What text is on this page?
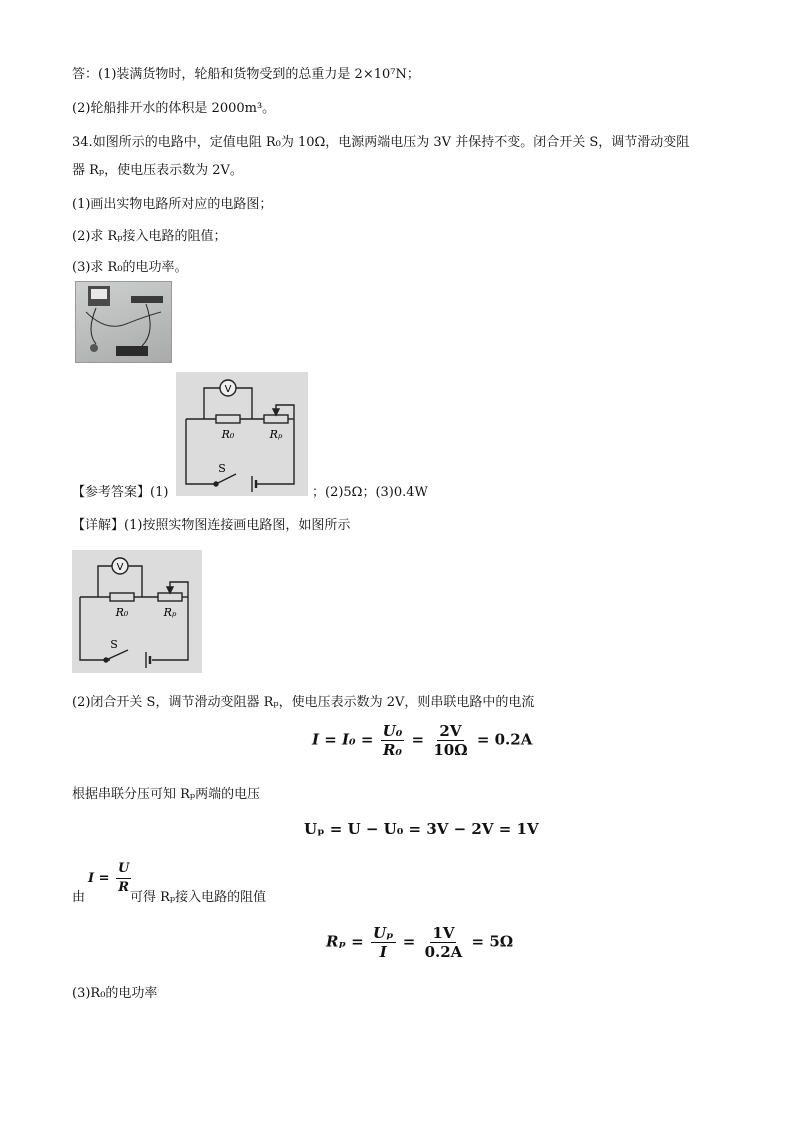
答：(1)装满货物时，轮船和货物受到的总重力是 2×10⁷N；
(2)轮船排开水的体积是 2000m³。
34.如图所示的电路中，定值电阻 R₀为 10Ω，电源两端电压为 3V 并保持不变。闭合开关 S，调节滑动变阻
器 Rₚ，使电压表示数为 2V。
(1)画出实物电路所对应的电路图；
(2)求 Rₚ接入电路的阻值；
(3)求 R₀的电功率。
【参考答案】(1)
V
R₀	Rₚ
S
；(2)5Ω；(3)0.4W
【详解】(1)按照实物图连接画电路图，如图所示
V
R₀	Rₚ
S
(2)闭合开关 S，调节滑动变阻器 Rₚ，使电压表示数为 2V，则串联电路中的电流
$I = I_0 = \frac{\text{U₀}}{\text{R₀}} = \frac{2V}{10\Omega} = 0.2A$
根据串联分压可知 Rₚ两端的电压
Uₚ = U − U₀ = 3V − 2V = 1V
$I = \frac{U}{R}$
由	可得 Rₚ接入电路的阻值
$R_p = \frac{\text{Uₚ}}{I} = \frac{1V}{0.2A} = 5\Omega$
(3)R₀的电功率
